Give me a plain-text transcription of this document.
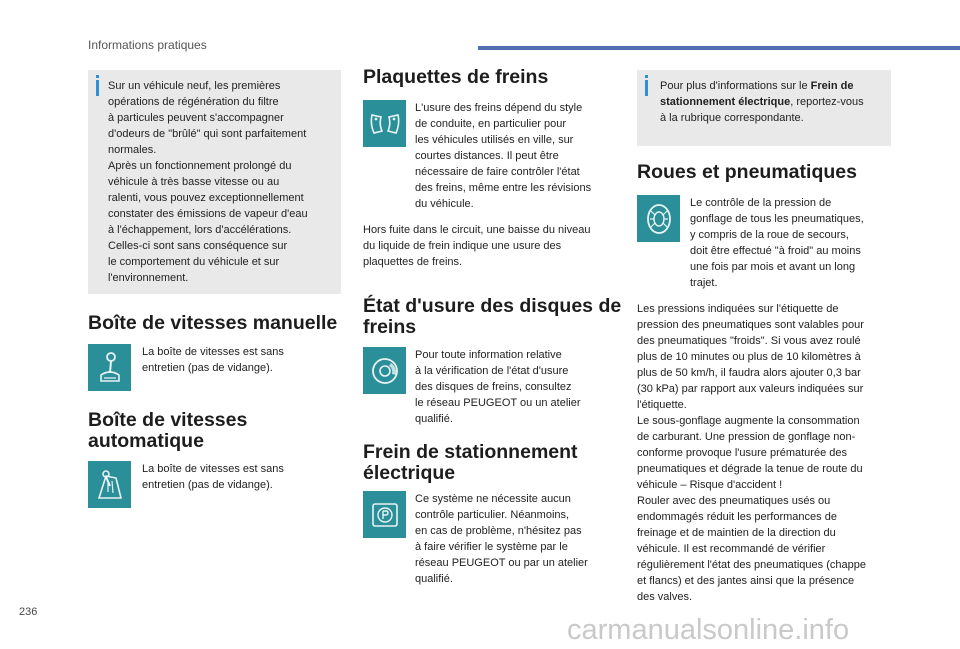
Informations pratiques
Sur un véhicule neuf, les premières
opérations de régénération du filtre
à particules peuvent s'accompagner
d'odeurs de "brûlé" qui sont parfaitement
normales.
Après un fonctionnement prolongé du
véhicule à très basse vitesse ou au
ralenti, vous pouvez exceptionnellement
constater des émissions de vapeur d'eau
à l'échappement, lors d'accélérations.
Celles-ci sont sans conséquence sur
le comportement du véhicule et sur
l'environnement.
Boîte de vitesses manuelle
La boîte de vitesses est sans
entretien (pas de vidange).
Boîte de vitesses
automatique
La boîte de vitesses est sans
entretien (pas de vidange).
Plaquettes de freins
L'usure des freins dépend du style
de conduite, en particulier pour
les véhicules utilisés en ville, sur
courtes distances. Il peut être
nécessaire de faire contrôler l'état
des freins, même entre les révisions
du véhicule.
Hors fuite dans le circuit, une baisse du niveau
du liquide de frein indique une usure des
plaquettes de freins.
État d'usure des disques de
freins
Pour toute information relative
à la vérification de l'état d'usure
des disques de freins, consultez
le réseau PEUGEOT ou un atelier
qualifié.
Frein de stationnement
électrique
Ce système ne nécessite aucun
contrôle particulier. Néanmoins,
en cas de problème, n'hésitez pas
à faire vérifier le système par le
réseau PEUGEOT ou par un atelier
qualifié.
Pour plus d'informations sur le Frein de
stationnement électrique, reportez-vous
à la rubrique correspondante.
Roues et pneumatiques
Le contrôle de la pression de
gonflage de tous les pneumatiques,
y compris de la roue de secours,
doit être effectué "à froid" au moins
une fois par mois et avant un long
trajet.
Les pressions indiquées sur l'étiquette de
pression des pneumatiques sont valables pour
des pneumatiques "froids". Si vous avez roulé
plus de 10 minutes ou plus de 10 kilomètres à
plus de 50 km/h, il faudra alors ajouter 0,3 bar
(30 kPa) par rapport aux valeurs indiquées sur
l'étiquette.
Le sous-gonflage augmente la consommation
de carburant. Une pression de gonflage non-
conforme provoque l'usure prématurée des
pneumatiques et dégrade la tenue de route du
véhicule – Risque d'accident !
Rouler avec des pneumatiques usés ou
endommagés réduit les performances de
freinage et de maintien de la direction du
véhicule. Il est recommandé de vérifier
régulièrement l'état des pneumatiques (chappe
et flancs) et des jantes ainsi que la présence
des valves.
236
carmanualsonline.info
